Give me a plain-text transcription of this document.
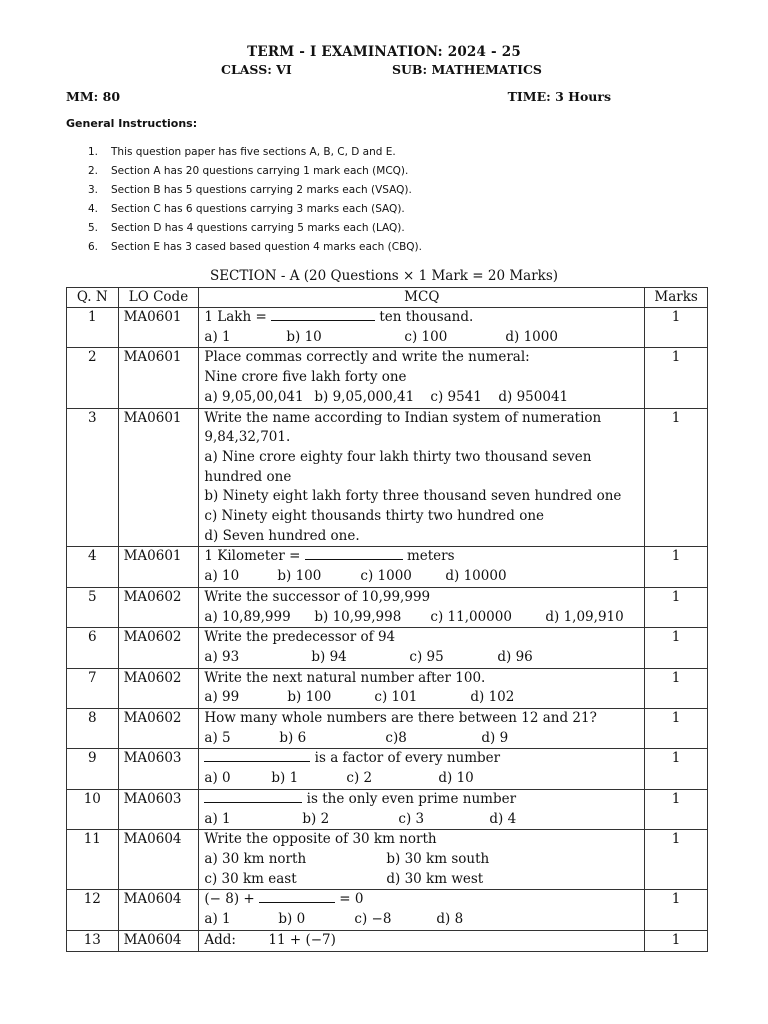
TERM - I EXAMINATION: 2024 - 25
CLASS: VI	SUB: MATHEMATICS
MM: 80	TIME: 3 Hours
General Instructions:
1. This question paper has five sections A, B, C, D and E.
2. Section A has 20 questions carrying 1 mark each (MCQ).
3. Section B has 5 questions carrying 2 marks each (VSAQ).
4. Section C has 6 questions carrying 3 marks each (SAQ).
5. Section D has 4 questions carrying 5 marks each (LAQ).
6. Section E has 3 cased based question 4 marks each (CBQ).
SECTION - A (20 Questions × 1 Mark = 20 Marks)
Q. N	LO Code	MCQ	Marks
1	MA0601	1 Lakh = ten thousand.
a) 1 b) 10 c) 100 d) 1000	1
2	MA0601	Place commas correctly and write the numeral:
Nine crore five lakh forty one
a) 9,05,00,041 b) 9,05,000,41 c) 9541 d) 950041	1
3	MA0601	Write the name according to Indian system of numeration 9,84,32,701.
a) Nine crore eighty four lakh thirty two thousand seven hundred one
b) Ninety eight lakh forty three thousand seven hundred one
c) Ninety eight thousands thirty two hundred one
d) Seven hundred one.	1
4	MA0601	1 Kilometer = meters
a) 10 b) 100 c) 1000 d) 10000	1
5	MA0602	Write the successor of 10,99,999
a) 10,89,999 b) 10,99,998 c) 11,00000 d) 1,09,910	1
6	MA0602	Write the predecessor of 94
a) 93 b) 94 c) 95 d) 96	1
7	MA0602	Write the next natural number after 100.
a) 99 b) 100 c) 101 d) 102	1
8	MA0602	How many whole numbers are there between 12 and 21?
a) 5 b) 6 c)8 d) 9	1
9	MA0603	is a factor of every number
a) 0 b) 1 c) 2 d) 10	1
10	MA0603	is the only even prime number
a) 1 b) 2 c) 3 d) 4	1
11	MA0604	Write the opposite of 30 km north
a) 30 km north b) 30 km south
c) 30 km east d) 30 km west	1
12	MA0604	(− 8) + = 0
a) 1 b) 0 c) −8 d) 8	1
13	MA0604	Add: 11 + (−7)	1
